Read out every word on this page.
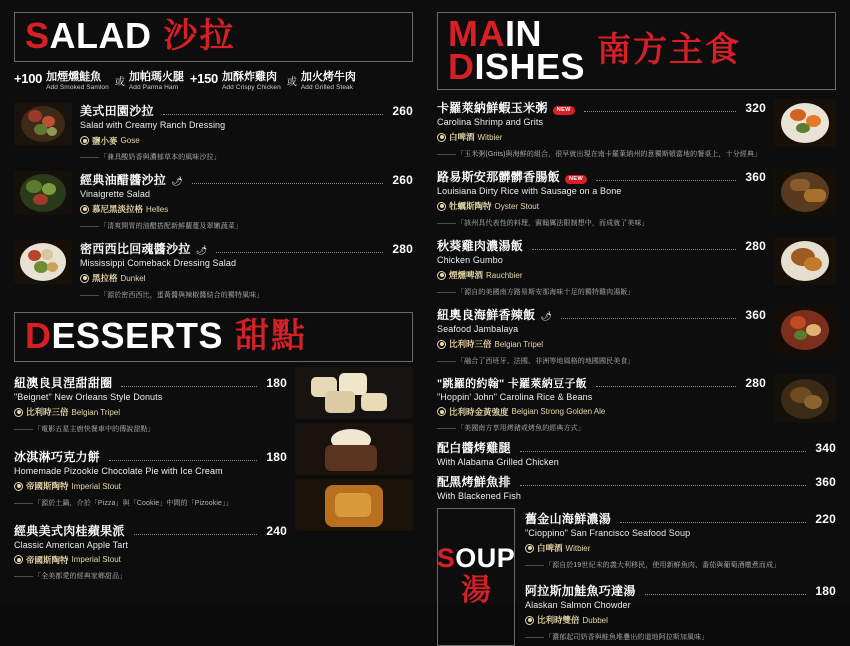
SALAD 沙拉
+100 加煙燻鮭魚
Add Smoked Samlon 或 加帕瑪火腿
Add Parma Ham
+150 加酥炸雞肉
Add Crispy Chicken 或 加火烤牛肉
Add Grilled Steak
美式田園沙拉	260
Salad with Creamy Ranch Dressing
鹽小麥 Gose
——— 「兼具酸奶香與濃郁草本的風味沙拉」
經典油醋醬沙拉 🌶	260
Vinaigrette Salad
慕尼黑淡拉格 Helles
——— 「清爽開胃的油醋搭配新鮮蘿蔓及翠嫩蔬菜」
密西西比回魂醬沙拉 🌶	280
Mississippi Comeback Dressing Salad
黑拉格 Dunkel
——— 「源於密西西比，蛋黃醬與辣椒醬結合的獨特風味」
DESSERTS 甜點
紐澳良貝涅甜甜圈	180
"Beignet" New Orleans Style Donuts
比利時三倍 Belgian Tripel
——— 「電影五星主廚快餐車中的傳說甜點」
冰淇淋巧克力餅	180
Homemade Pizookie Chocolate Pie with Ice Cream
帝國斯陶特 Imperial Stout
——— 「源於土鍋，介於「Pizza」與「Cookie」中間的「Pizookie」」
經典美式肉桂蘋果派	240
Classic American Apple Tart
帝國斯陶特 Imperial Stout
——— 「全美都愛的經典家鄉甜品」
MAIN
DISHES 南方主食
卡羅萊納鮮蝦玉米粥	NEW	320
Carolina Shrimp and Grits
白啤酒 Witbier
——— 「玉米粥(Grits)與海鮮的組合，很早就出現在南卡羅萊納州的意獨斯頓當地的餐桌上，十分經典」
路易斯安那髒髒香腸飯	NEW	360
Louisiana Dirty Rice with Sausage on a Bone
牡蠣斯陶特 Oyster Stout
——— 「該州具代表性的料理，賓翰厲法限制想中，而成就了美味」
秋葵雞肉濃湯飯	280
Chicken Gumbo
煙燻啤酒 Rauchbier
——— 「源自的美國南方路易斯安那海味十足的獨特雞肉湯飯」
紐奧良海鮮香辣飯 🌶	360
Seafood Jambalaya
比利時三倍 Belgian Tripel
——— 「融合了西班牙、法國、非洲等地風格的地國國民美食」
"跳羅的約翰" 卡羅萊納豆子飯	280
"Hoppin' John" Carolina Rice & Beans
比利時金黃強度 Belgian Strong Golden Ale
——— 「美國南方享用烤豬或烤魚的經典方式」
配白醬烤雞腿	340
With Alabama Grilled Chicken
配黑烤鮮魚排	360
With Blackened Fish
SOUP
湯
舊金山海鮮濃湯	220
"Cioppino" San Francisco Seafood Soup
白啤酒 Witbier
——— 「源自於19世紀末的義大利移民，使用新鮮魚肉、番茄與葡萄酒燉煮而成」
阿拉斯加鮭魚巧達湯	180
Alaskan Salmon Chowder
比利時雙倍 Dubbel
——— 「濃郁起司奶香與鮭魚堆疊出的道地阿拉斯加風味」
